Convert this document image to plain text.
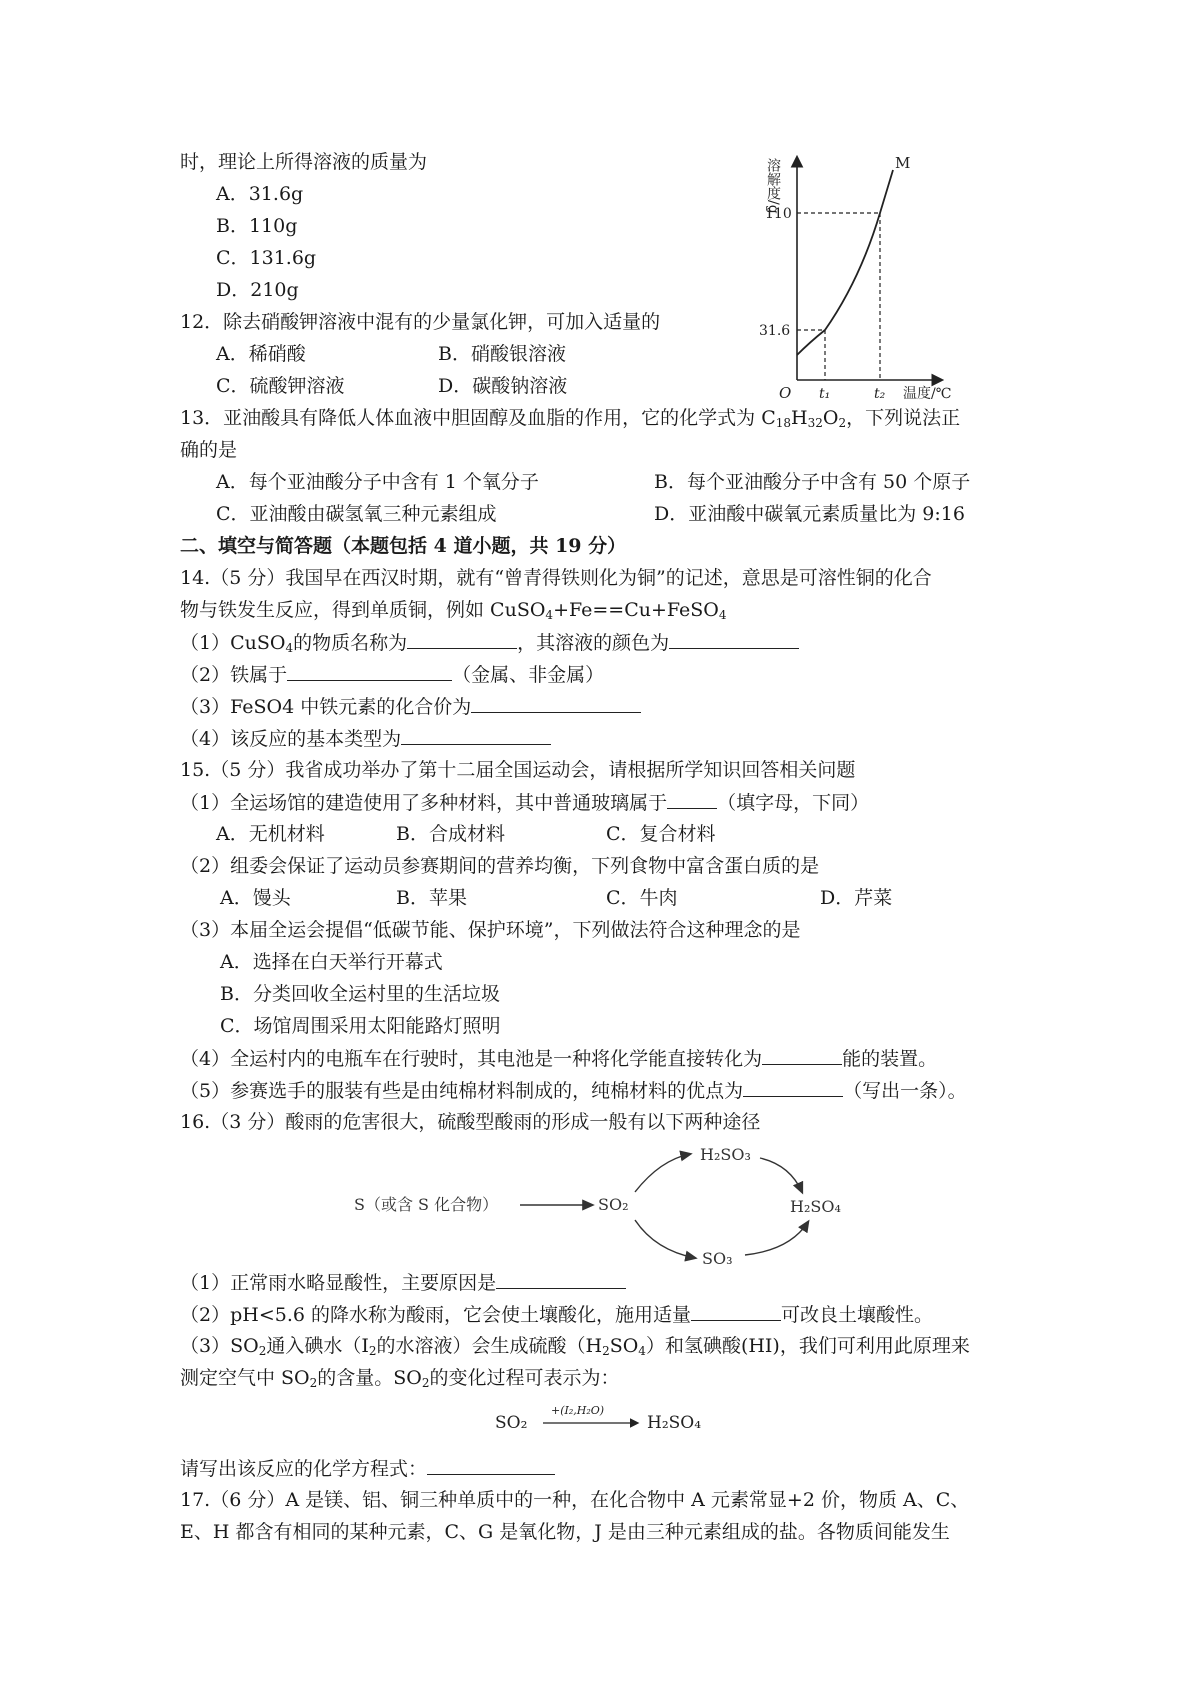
时，理论上所得溶液的质量为
A．31.6g
B．110g
C．131.6g
D．210g
M
110
31.6
O t₁	t₂ 温度/℃
溶解度/g
12．除去硝酸钾溶液中混有的少量氯化钾，可加入适量的
A．稀硝酸	B．硝酸银溶液
C．硫酸钾溶液	D．碳酸钠溶液
13．亚油酸具有降低人体血液中胆固醇及血脂的作用，它的化学式为 $C_{18}H_{32}O_2$，下列说法正
确的是
A．每个亚油酸分子中含有 1 个氧分子	B．每个亚油酸分子中含有 50 个原子
C．亚油酸由碳氢氧三种元素组成	D．亚油酸中碳氧元素质量比为 9:16
二、填空与简答题（本题包括 4 道小题，共 19 分）
14.（5 分）我国早在西汉时期，就有“曾青得铁则化为铜”的记述，意思是可溶性铜的化合
物与铁发生反应，得到单质铜，例如 CuSO$_4$+Fe==Cu+FeSO$_4$
（1）CuSO$_4$的物质名称为	，其溶液的颜色为
（2）铁属于	（金属、非金属）
（3）FeSO4 中铁元素的化合价为
（4）该反应的基本类型为
15.（5 分）我省成功举办了第十二届全国运动会，请根据所学知识回答相关问题
（1）全运场馆的建造使用了多种材料，其中普通玻璃属于	（填字母，下同）
A．无机材料	B．合成材料	C．复合材料
（2）组委会保证了运动员参赛期间的营养均衡，下列食物中富含蛋白质的是
A．馒头	B．苹果	C．牛肉	D．芹菜
（3）本届全运会提倡“低碳节能、保护环境”，下列做法符合这种理念的是
A．选择在白天举行开幕式
B．分类回收全运村里的生活垃圾
C．场馆周围采用太阳能路灯照明
（4）全运村内的电瓶车在行驶时，其电池是一种将化学能直接转化为	能的装置。
（5）参赛选手的服装有些是由纯棉材料制成的，纯棉材料的优点为	（写出一条）。
16.（3 分）酸雨的危害很大，硫酸型酸雨的形成一般有以下两种途径
S（或含 S 化合物）	SO₂
H₂SO₃
H₂SO₄
SO₃
（1）正常雨水略显酸性，主要原因是
（2）pH<5.6 的降水称为酸雨，它会使土壤酸化，施用适量	可改良土壤酸性。
$(3)SO_2$通入碘水（$I_2$的水溶液）会生成硫酸$(H_2SO_4)$和氢碘酸(HI)，我们可利用此原理来
测定空气中 $SO_2$的含量。$SO_2$的变化过程可表示为：
SO₂
+(I₂,H₂O)
H₂SO₄
请写出该反应的化学方程式：
17.（6 分）A 是镁、铝、铜三种单质中的一种，在化合物中 A 元素常显+2 价，物质 A、C、
E、H 都含有相同的某种元素，C、G 是氧化物，J 是由三种元素组成的盐。各物质间能发生
